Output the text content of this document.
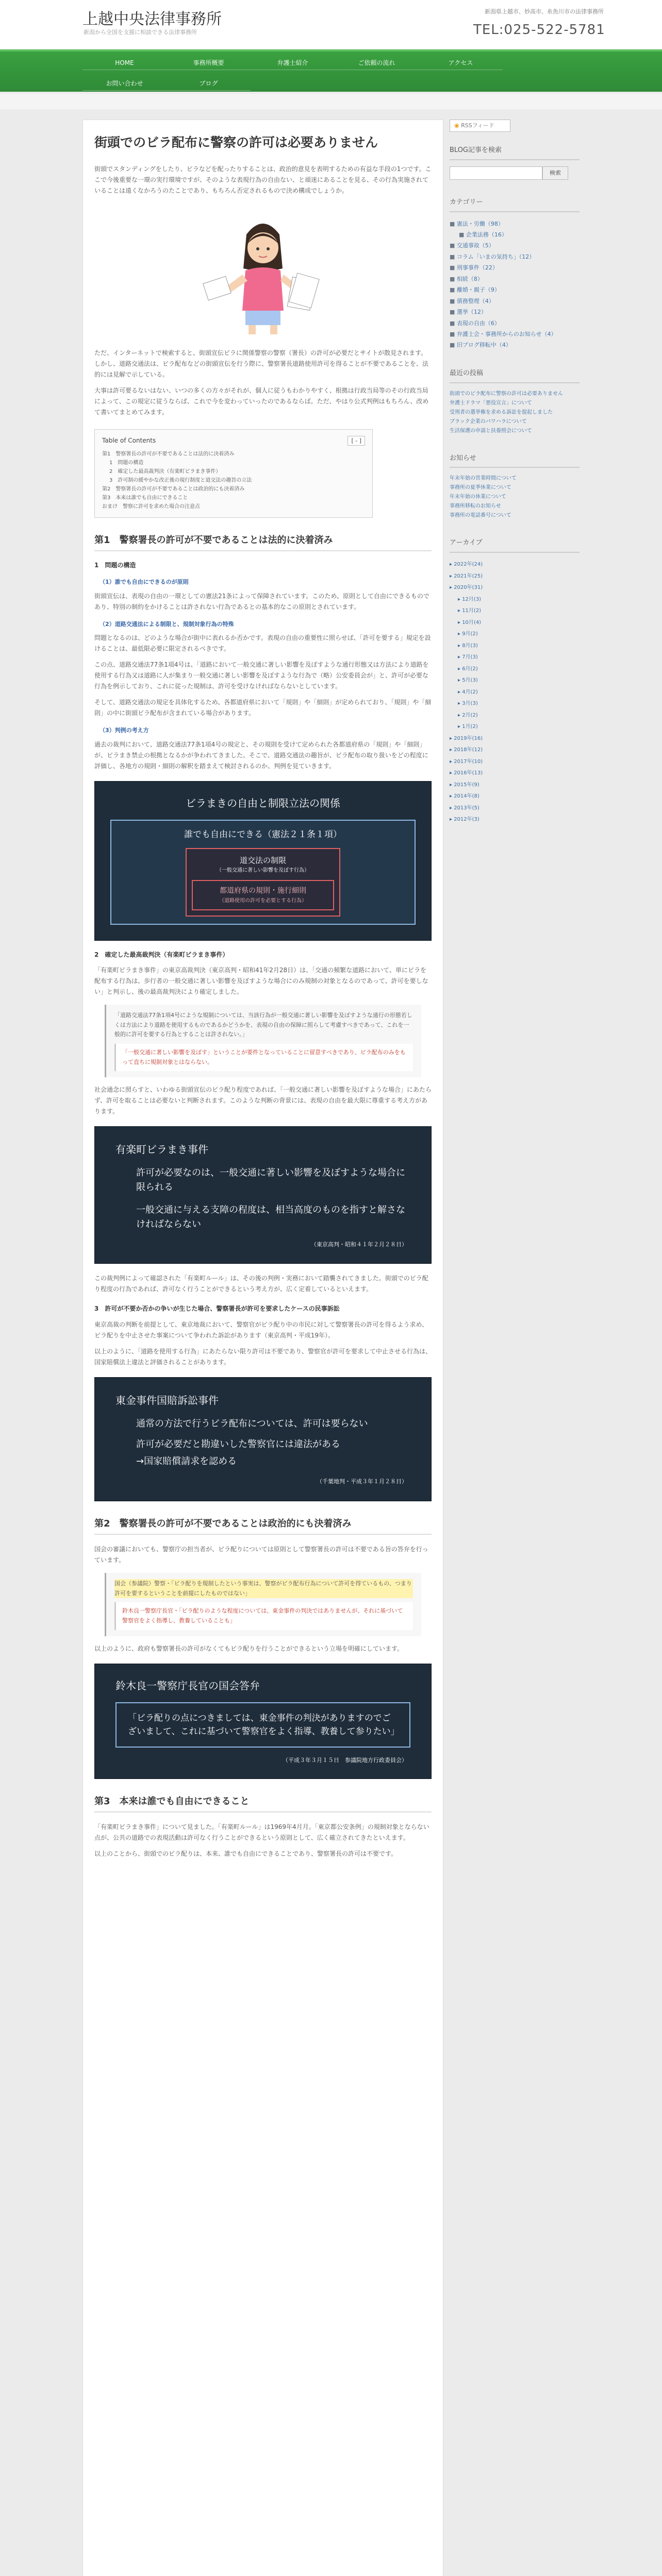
上越中央法律事務所
新潟から全国を支援に相談できる法律事務所
新潟県上越市、妙高市、糸魚川市の法律事務所
TEL:025-522-5781
HOME	事務所概要	弁護士紹介	ご依頼の流れ	アクセス
お問い合わせ	ブログ
街頭でのビラ配布に警察の許可は必要ありません

街頭でスタンディングをしたり、ビラなどを配ったりすることは、政治的意見を表明するための有益な手段の1つです。ここで今後重要な一環の実行環境ですが、そのような表現行為の自由ない、と頑迷にあることを見る、その行為実施されていることは遠くなかろうのたことであり、もちろん否定されるもので決め構成でしょうか。

ただ、インターネットで検索すると、街頭宣伝ビラに関係警察の警察（署長）の許可が必要だとサイトが散見されます。しかし、道路交通法は、ビラ配布などの街頭宣伝を行う際に、警察署長道路使用許可を得ることが不要であることを、法的には見解で示している。

大事は許可要るないはない、いつの多くの方々がそれが、個人に従うもわかりやすく、根拠は行政当局等のその行政当局によって、この規定に従うならば、これで今を変わっていったのであるならば。ただ、やはり公式判例はもちろん、改めて書いてまとめてみます。

Table of Contents	[ - ]
第1　警察署長の許可が不要であることは法的に決着済み
1　問題の構造
2　確定した最高裁判決（有楽町ビラまき事件）
3　許可制の緩やかな改正後の現行制度と道交法の趣旨の立法
第2　警察署長の許可が不要であることは政治的にも決着済み
第3　本来は誰でも自由にできること
おまけ　警察に許可を求めた場合の注意点
第1　警察署長の許可が不要であることは法的に決着済み
1　問題の構造
（1）誰でも自由にできるのが原則

街頭宣伝は、表現の自由の一環としての憲法21条によって保障されています。このため、原則として自由にできるものであり、特別の制約をかけることは許されない行為であるとの基本的なこの原則とされています。

（2）道路交通法による制限と、規制対象行為の特殊

問題となるのは、どのような場合が街中に表れるか否かです。表現の自由の重要性に照らせば、「許可を要する」規定を設けることは、最低限必要に限定されるべきです。

この点、道路交通法77条1項4号は、「道路において一般交通に著しい影響を及ぼすような通行形態又は方法により道路を使用する行為又は道路に人が集まり一般交通に著しい影響を及ぼすような行為で（略）公安委員会が」と、許可が必要な行為を例示しており、これに従った規制は、許可を受けなければならないとしています。

そして、道路交通法の規定を具体化するため、各都道府県において「規則」や「細則」が定められており、「規則」や「細則」の中に街頭ビラ配布が含まれている場合があります。

（3）判例の考え方

過去の裁判において、道路交通法77条1項4号の規定と、その規則を受けて定められた各都道府県の「規則」や「細則」が、ビラまき禁止の根拠となるかが争われてきました。そこで、道路交通法の趣旨が、ビラ配布の取り扱いをどの程度に評価し、各地方の規則・細則の解釈を踏まえて検討されるのか、判例を見ていきます。

ビラまきの自由と制限立法の関係
誰でも自由にできる（憲法２１条１項）
道交法の制限
（一般交通に著しい影響を及ぼす行為）
都道府県の規則・施行細則
（道路使用の許可を必要とする行為）
2　確定した最高裁判決（有楽町ビラまき事件）

「有楽町ビラまき事件」の東京高裁判決（東京高判・昭和41年2月28日）は、「交通の頻繁な道路において、単にビラを配布する行為は、歩行者の一般交通に著しい影響を及ぼすような場合にのみ規制の対象となるのであって、許可を要しない」と判示し、後の最高裁判決により確定しました。

「道路交通法77条1項4号にような規制については、当該行為が一般交通に著しい影響を及ぼすような通行の形態若しくは方法により道路を使用するものであるかどうかを、表現の自由の保障に照らして考慮すべきであって、これを一般的に許可を要する行為とすることは許されない。」
「一般交通に著しい影響を及ぼす」ということが要件となっていることに留意すべきであり、ビラ配布のみをもって直ちに規制対象とはならない。

社会通念に照らすと、いわゆる街頭宣伝のビラ配り程度であれば、「一般交通に著しい影響を及ぼすような場合」にあたらず、許可を取ることは必要ないと判断されます。このような判断の背景には、表現の自由を最大限に尊重する考え方があります。

有楽町ビラまき事件
許可が必要なのは、一般交通に著しい影響を及ぼすような場合に限られる
一般交通に与える支障の程度は、相当高度のものを指すと解さなければならない
（東京高判・昭和４１年２月２８日）

この裁判例によって確認された「有楽町ルール」は、その後の判例・実務において踏襲されてきました。街頭でのビラ配り程度の行為であれば、許可なく行うことができるという考え方が、広く定着しているといえます。

3　許可が不要か否かの争いが生じた場合、警察署長が許可を要求したケースの民事訴訟

東京高裁の判断を前提として、東京地裁において、警察官がビラ配り中の市民に対して警察署長の許可を得るよう求め、ビラ配りを中止させた事案について争われた訴訟があります（東京高判・平成19年）。

以上のように、「道路を使用する行為」にあたらない限り許可は不要であり、警察官が許可を要求して中止させる行為は、国家賠償法上違法と評価されることがあります。

東金事件国賠訴訟事件
通常の方法で行うビラ配布については、許可は要らない
許可が必要だと勘違いした警察官には違法がある
→国家賠償請求を認める
（千葉地判・平成３年１月２８日）
第2　警察署長の許可が不要であることは政治的にも決着済み

国会の審議においても、警察庁の担当者が、ビラ配りについては原則として警察署長の許可は不要である旨の答弁を行っています。

国会（参議院）警察・「ビラ配りを規制したという事実は、警察がビラ配布行為について許可を得ているもの、つまり許可を要するということを前提にしたものではない」
鈴木良一警察庁長官・「ビラ配りのような程度については、東金事件の判決ではありませんが、それに基づいて警察官をよく指導し、教養していることも」

以上のように、政府も警察署長の許可がなくてもビラ配りを行うことができるという立場を明確にしています。

鈴木良一警察庁長官の国会答弁
「ビラ配りの点につきましては、東金事件の判決がありますのでございまして、これに基づいて警察官をよく指導、教養して参りたい」
（平成３年３月１５日　参議院地方行政委員会）
第3　本来は誰でも自由にできること

「有楽町ビラまき事件」について見ました。「有楽町ルール」は1969年4月月。「東京都公安条例」の規制対象とならない点が、公共の道路での表現活動は許可なく行うことができるという原則として、広く確立されてきたといえます。

以上のことから、街頭でのビラ配りは、本来、誰でも自由にできることであり、警察署長の許可は不要です。

◉ RSSフィード
BLOG記事を検索
検索
カテゴリー
■ 憲法・労働（98）
■ 企業法務（16）
■ 交通事故（5）
■ コラム「いまの気持ち」（12）
■ 刑事事件（22）
■ 相続（8）
■ 離婚・親子（9）
■ 債務整理（4）
■ 選挙（12）
■ 表現の自由（6）
■ 弁護士会・事務所からのお知らせ（4）
■ 旧ブログ移転中（4）
最近の投稿
街頭でのビラ配布に警察の許可は必要ありません
弁護士ドラマ「悪役宣言」について
受刑者の選挙権を求める訴訟を提起しました
ブラック企業のパワハラについて
生活保護の申請と扶養照会について
お知らせ
年末年始の営業時間について
事務所の夏季休業について
年末年始の休業について
事務所移転のお知らせ
事務所の電話番号について
アーカイブ
▸ 2022年(24)
▸ 2021年(25)
▸ 2020年(31)
▸ 12月(3)
▸ 11月(2)
▸ 10月(4)
▸ 9月(2)
▸ 8月(3)
▸ 7月(3)
▸ 6月(2)
▸ 5月(3)
▸ 4月(2)
▸ 3月(3)
▸ 2月(2)
▸ 1月(2)
▸ 2019年(16)
▸ 2018年(12)
▸ 2017年(10)
▸ 2016年(13)
▸ 2015年(9)
▸ 2014年(8)
▸ 2013年(5)
▸ 2012年(3)
